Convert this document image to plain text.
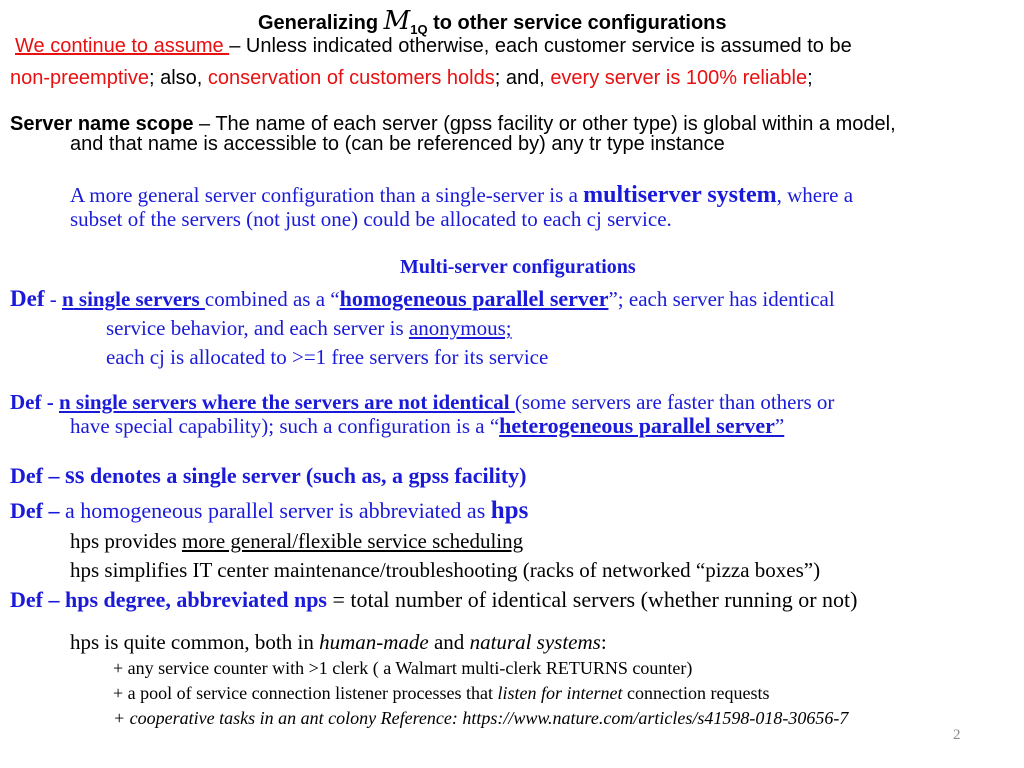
Generalizing $M_{1Q}$ to other service configurations
We continue to assume – Unless indicated otherwise, each customer service is assumed to be
non-preemptive; also, conservation of customers holds; and, every server is 100% reliable;
Server name scope – The name of each server (gpss facility or other type) is global within a model,
and that name is accessible to (can be referenced by) any tr type instance
A more general server configuration than a single-server is a multiserver system, where a
subset of the servers (not just one) could be allocated to each cj service.
Multi-server configurations
Def - n single servers combined as a “homogeneous parallel server”; each server has identical
service behavior, and each server is anonymous;
each cj is allocated to >=1 free servers for its service
Def - n single servers where the servers are not identical (some servers are faster than others or
have special capability); such a configuration is a “heterogeneous parallel server”
Def – ss denotes a single server (such as, a gpss facility)
Def – a homogeneous parallel server is abbreviated as hps
hps provides more general/flexible service scheduling
hps simplifies IT center maintenance/troubleshooting (racks of networked “pizza boxes”)
Def – hps degree, abbreviated nps = total number of identical servers (whether running or not)
hps is quite common, both in human-made and natural systems:
+ any service counter with >1 clerk ( a Walmart multi-clerk RETURNS counter)
+ a pool of service connection listener processes that listen for internet connection requests
+ cooperative tasks in an ant colony Reference: https://www.nature.com/articles/s41598-018-30656-7
2
